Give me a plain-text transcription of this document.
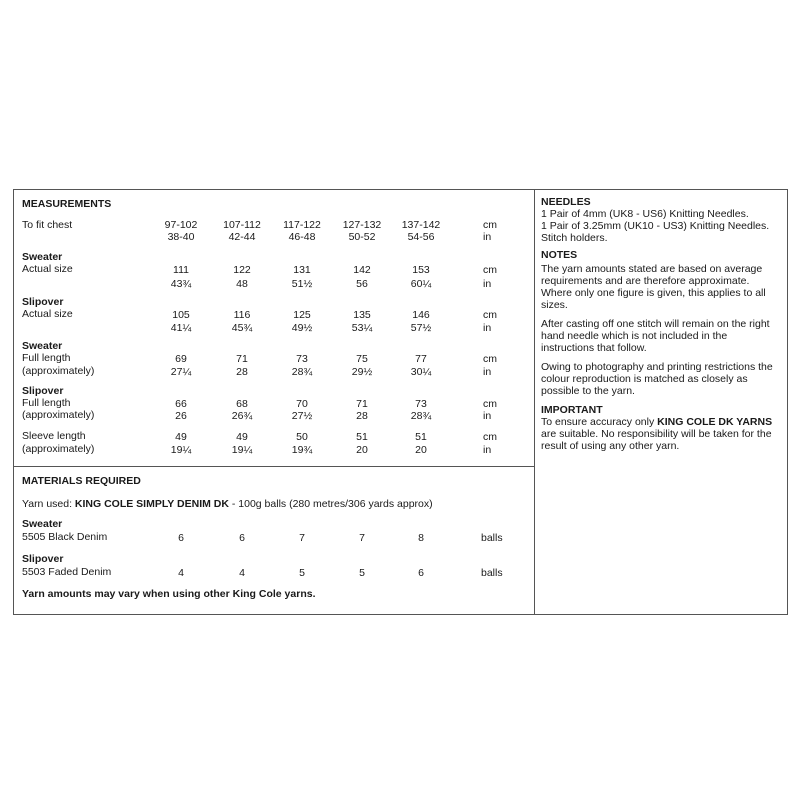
MEASUREMENTS
To fit chest	97-102	107-112	117-122	127-132	137-142	cm
38-40	42-44	46-48	50-52	54-56	in
Sweater
Actual size	111	122	131	142	153	cm
43¾	48	51½	56	60¼	in
Slipover
Actual size	105	116	125	135	146	cm
41¼	45¾	49½	53¼	57½	in
Sweater
Full length
(approximately)
69	71	73	75	77	cm
27¼	28	28¾	29½	30¼	in
Slipover
Full length
(approximately)
66	68	70	71	73	cm
26	26¾	27½	28	28¾	in
Sleeve length
(approximately)
49	49	50	51	51	cm
19¼	19¼	19¾	20	20	in
MATERIALS REQUIRED
Yarn used: KING COLE SIMPLY DENIM DK - 100g balls (280 metres/306 yards approx)
Sweater
5505 Black Denim	6	6	7	7	8	balls
Slipover
5503 Faded Denim	4	4	5	5	6	balls
Yarn amounts may vary when using other King Cole yarns.

NEEDLES

1 Pair of 4mm (UK8 - US6) Knitting Needles.

1 Pair of 3.25mm (UK10 - US3) Knitting Needles.

Stitch holders.

NOTES

The yarn amounts stated are based on average requirements and are therefore approximate. Where only one figure is given, this applies to all sizes.

After casting off one stitch will remain on the right hand needle which is not included in the instructions that follow.

Owing to photography and printing restrictions the colour reproduction is matched as closely as possible to the yarn.

IMPORTANT

To ensure accuracy only KING COLE DK YARNS are suitable. No responsibility will be taken for the result of using any other yarn.
